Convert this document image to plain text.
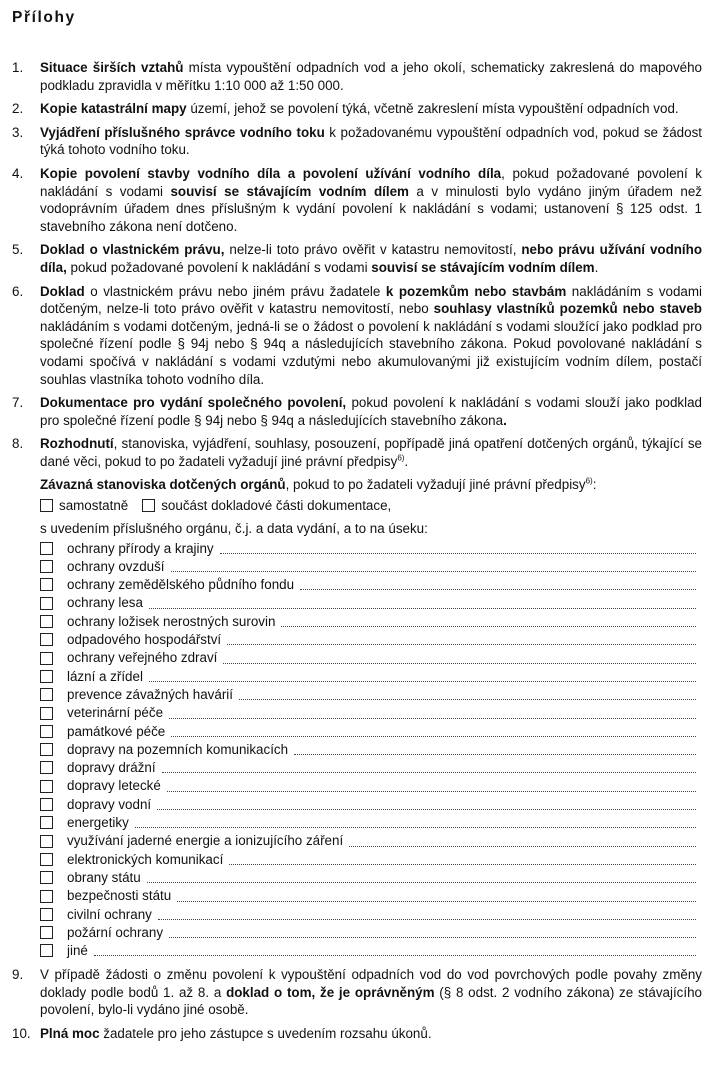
Přílohy
1. Situace širších vztahů místa vypouštění odpadních vod a jeho okolí, schematicky zakreslená do mapového podkladu zpravidla v měřítku 1:10 000 až 1:50 000.
2. Kopie katastrální mapy území, jehož se povolení týká, včetně zakreslení místa vypouštění odpadních vod.
3. Vyjádření příslušného správce vodního toku k požadovanému vypouštění odpadních vod, pokud se žádost týká tohoto vodního toku.
4. Kopie povolení stavby vodního díla a povolení užívání vodního díla, pokud požadované povolení k nakládání s vodami souvisí se stávajícím vodním dílem a v minulosti bylo vydáno jiným úřadem než vodoprávním úřadem dnes příslušným k vydání povolení k nakládání s vodami; ustanovení § 125 odst. 1 stavebního zákona není dotčeno.
5. Doklad o vlastnickém právu, nelze-li toto právo ověřit v katastru nemovitostí, nebo právu užívání vodního díla, pokud požadované povolení k nakládání s vodami souvisí se stávajícím vodním dílem.
6. Doklad o vlastnickém právu nebo jiném právu žadatele k pozemkům nebo stavbám nakládáním s vodami dotčeným, nelze-li toto právo ověřit v katastru nemovitostí, nebo souhlasy vlastníků pozemků nebo staveb nakládáním s vodami dotčeným, jedná-li se o žádost o povolení k nakládání s vodami sloužící jako podklad pro společné řízení podle § 94j nebo § 94q a následujících stavebního zákona. Pokud povolované nakládání s vodami spočívá v nakládání s vodami vzdutými nebo akumulovanými již existujícím vodním dílem, postačí souhlas vlastníka tohoto vodního díla.
7. Dokumentace pro vydání společného povolení, pokud povolení k nakládání s vodami slouží jako podklad pro společné řízení podle § 94j nebo § 94q a následujících stavebního zákona.
8. Rozhodnutí, stanoviska, vyjádření, souhlasy, posouzení, popřípadě jiná opatření dotčených orgánů, týkající se dané věci, pokud to po žadateli vyžadují jiné právní předpisy$^{6)}$.
Závazná stanoviska dotčených orgánů, pokud to po žadateli vyžadují jiné právní předpisy$^{6)}$:
samostatně součást dokladové části dokumentace,
s uvedením příslušného orgánu, č.j. a data vydání, a to na úseku:
ochrany přírody a krajiny
ochrany ovzduší
ochrany zemědělského půdního fondu
ochrany lesa
ochrany ložisek nerostných surovin
odpadového hospodářství
ochrany veřejného zdraví
lázní a zřídel
prevence závažných havárií
veterinární péče
památkové péče
dopravy na pozemních komunikacích
dopravy drážní
dopravy letecké
dopravy vodní
energetiky
využívání jaderné energie a ionizujícího záření
elektronických komunikací
obrany státu
bezpečnosti státu
civilní ochrany
požární ochrany
jiné
9. V případě žádosti o změnu povolení k vypouštění odpadních vod do vod povrchových podle povahy změny doklady podle bodů 1. až 8. a doklad o tom, že je oprávněným (§ 8 odst. 2 vodního zákona) ze stávajícího povolení, bylo-li vydáno jiné osobě.
10. Plná moc žadatele pro jeho zástupce s uvedením rozsahu úkonů.
